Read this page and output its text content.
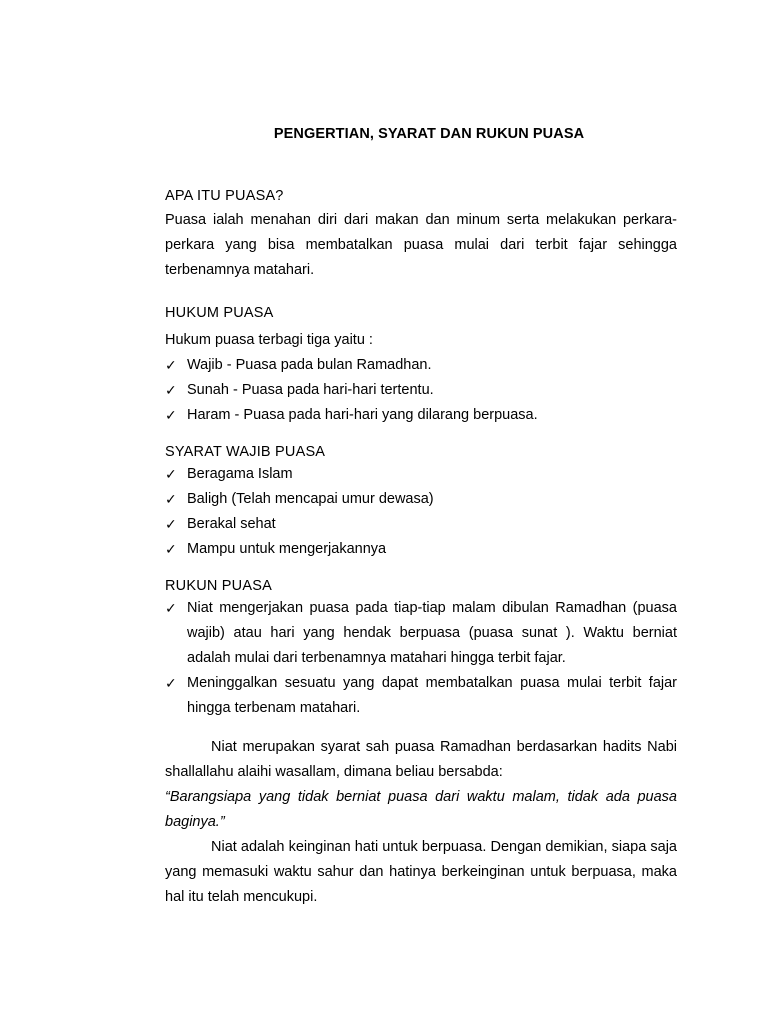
PENGERTIAN, SYARAT DAN RUKUN PUASA
APA ITU PUASA?

Puasa ialah menahan diri dari makan dan minum serta melakukan perkara-perkara yang bisa membatalkan puasa mulai dari terbit fajar sehingga terbenamnya matahari.

HUKUM PUASA
Hukum puasa terbagi tiga yaitu :
✓ Wajib - Puasa pada bulan Ramadhan.
✓ Sunah - Puasa pada hari-hari tertentu.
✓ Haram - Puasa pada hari-hari yang dilarang berpuasa.
SYARAT WAJIB PUASA
✓ Beragama Islam
✓ Baligh (Telah mencapai umur dewasa)
✓ Berakal sehat
✓ Mampu untuk mengerjakannya
RUKUN PUASA
✓ Niat mengerjakan puasa pada tiap-tiap malam dibulan Ramadhan (puasa wajib) atau hari yang hendak berpuasa (puasa sunat ). Waktu berniat adalah mulai dari terbenamnya matahari hingga terbit fajar.
✓ Meninggalkan sesuatu yang dapat membatalkan puasa mulai terbit fajar hingga terbenam matahari.

Niat merupakan syarat sah puasa Ramadhan berdasarkan hadits Nabi shallallahu alaihi wasallam, dimana beliau bersabda:

“Barangsiapa yang tidak berniat puasa dari waktu malam, tidak ada puasa baginya.”

Niat adalah keinginan hati untuk berpuasa. Dengan demikian, siapa saja yang memasuki waktu sahur dan hatinya berkeinginan untuk berpuasa, maka hal itu telah mencukupi.
